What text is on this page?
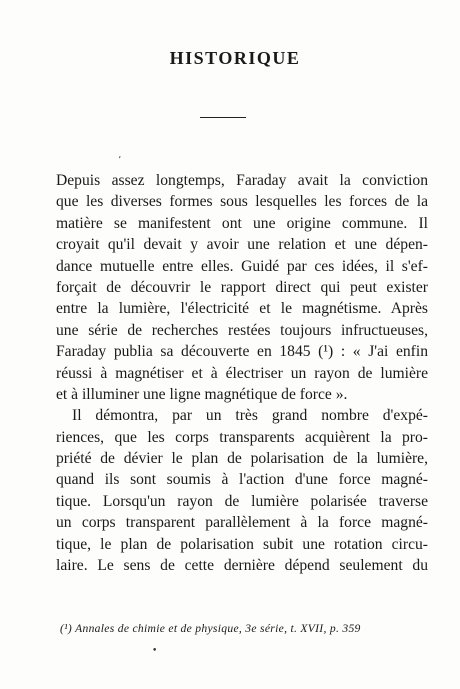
HISTORIQUE
ʼ
Depuis assez longtemps, Faraday avait la conviction
que les diverses formes sous lesquelles les forces de la
matière se manifestent ont une origine commune. Il
croyait qu'il devait y avoir une relation et une dépen-
dance mutuelle entre elles. Guidé par ces idées, il s'ef-
forçait de découvrir le rapport direct qui peut exister
entre la lumière, l'électricité et le magnétisme. Après
une série de recherches restées toujours infructueuses,
Faraday publia sa découverte en 1845 (¹) : « J'ai enfin
réussi à magnétiser et à électriser un rayon de lumière
et à illuminer une ligne magnétique de force ».
Il démontra, par un très grand nombre d'expé-
riences, que les corps transparents acquièrent la pro-
priété de dévier le plan de polarisation de la lumière,
quand ils sont soumis à l'action d'une force magné-
tique. Lorsqu'un rayon de lumière polarisée traverse
un corps transparent parallèlement à la force magné-
tique, le plan de polarisation subit une rotation circu-
laire. Le sens de cette dernière dépend seulement du
(¹) Annales de chimie et de physique, 3e série, t. XVII, p. 359
•
